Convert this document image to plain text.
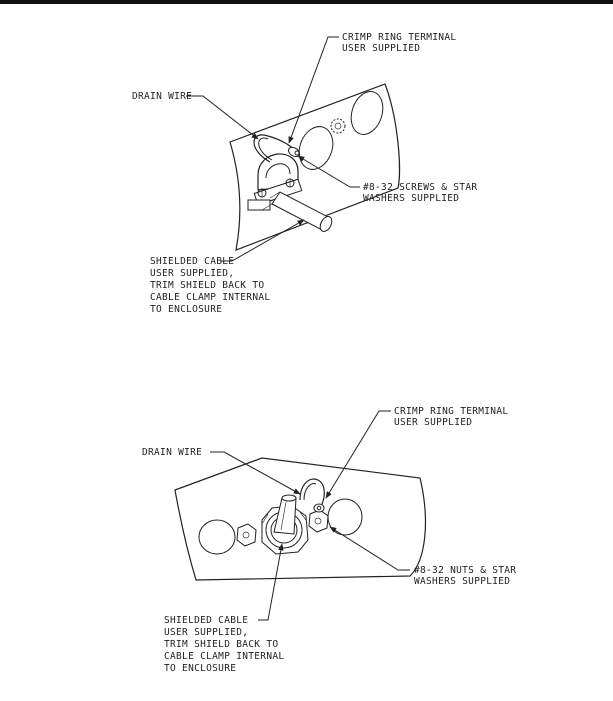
CRIMP RING TERMINAL USER SUPPLIED
DRAIN WIRE
#8-32 SCREWS & STAR WASHERS SUPPLIED
SHIELDED CABLE USER SUPPLIED, TRIM SHIELD BACK TO CABLE CLAMP INTERNAL TO ENCLOSURE
CRIMP RING TERMINAL USER SUPPLIED
DRAIN WIRE
#8-32 NUTS & STAR WASHERS SUPPLIED
SHIELDED CABLE USER SUPPLIED, TRIM SHIELD BACK TO CABLE CLAMP INTERNAL TO ENCLOSURE
